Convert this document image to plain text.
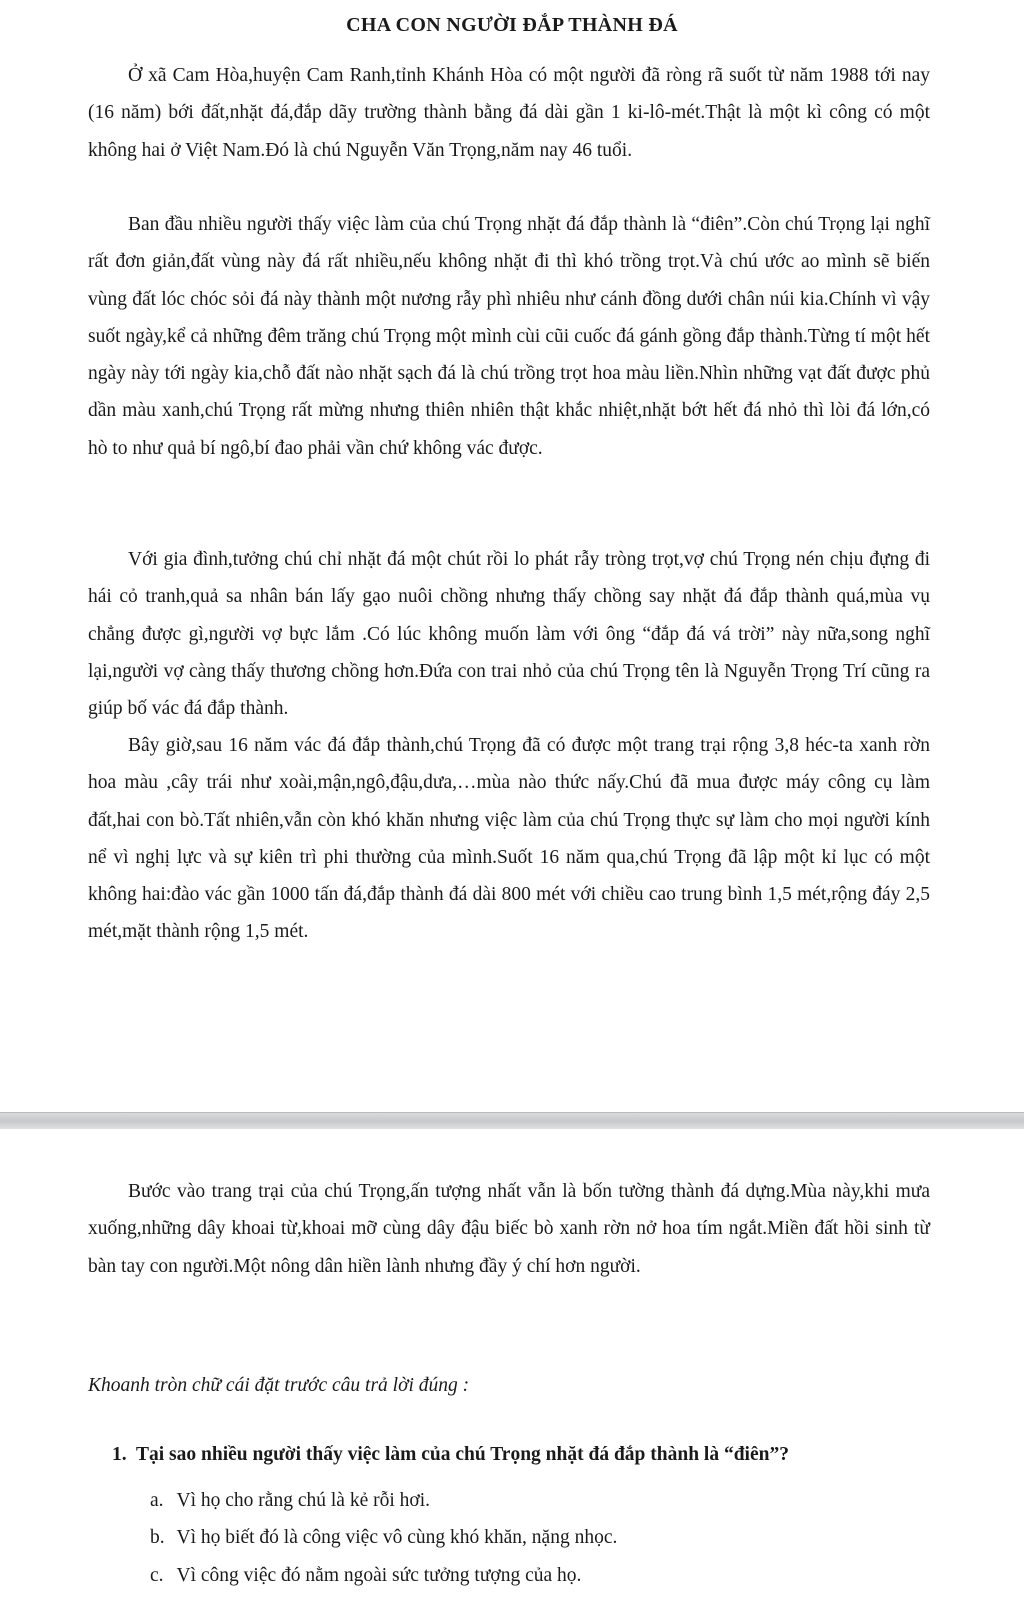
CHA CON NGƯỜI ĐẮP THÀNH ĐÁ

Ở xã Cam Hòa,huyện Cam Ranh,tỉnh Khánh Hòa có một người đã ròng rã suốt từ năm 1988 tới nay (16 năm) bới đất,nhặt đá,đắp dãy trường thành bằng đá dài gần 1 ki-lô-mét.Thật là một kì công có một không hai ở Việt Nam.Đó là chú Nguyễn Văn Trọng,năm nay 46 tuổi.

Ban đầu nhiều người thấy việc làm của chú Trọng nhặt đá đắp thành là “điên”.Còn chú Trọng lại nghĩ rất đơn giản,đất vùng này đá rất nhiều,nếu không nhặt đi thì khó trồng trọt.Và chú ước ao mình sẽ biến vùng đất lóc chóc sỏi đá này thành một nương rẫy phì nhiêu như cánh đồng dưới chân núi kia.Chính vì vậy suốt ngày,kể cả những đêm trăng chú Trọng một mình cùi cũi cuốc đá gánh gồng đắp thành.Từng tí một hết ngày này tới ngày kia,chỗ đất nào nhặt sạch đá là chú trồng trọt hoa màu liền.Nhìn những vạt đất được phủ dần màu xanh,chú Trọng rất mừng nhưng thiên nhiên thật khắc nhiệt,nhặt bớt hết đá nhỏ thì lòi đá lớn,có hò to như quả bí ngô,bí đao phải vần chứ không vác được.

Với gia đình,tưởng chú chỉ nhặt đá một chút rồi lo phát rẫy tròng trọt,vợ chú Trọng nén chịu đựng đi hái cỏ tranh,quả sa nhân bán lấy gạo nuôi chồng nhưng thấy chồng say nhặt đá đắp thành quá,mùa vụ chẳng được gì,người vợ bực lắm .Có lúc không muốn làm với ông “đắp đá vá trời” này nữa,song nghĩ lại,người vợ càng thấy thương chồng hơn.Đứa con trai nhỏ của chú Trọng tên là Nguyễn Trọng Trí cũng ra giúp bố vác đá đắp thành.

Bây giờ,sau 16 năm vác đá đắp thành,chú Trọng đã có được một trang trại rộng 3,8 héc-ta xanh rờn hoa màu ,cây trái như xoài,mận,ngô,đậu,dưa,…mùa nào thức nấy.Chú đã mua được máy công cụ làm đất,hai con bò.Tất nhiên,vẫn còn khó khăn nhưng việc làm của chú Trọng thực sự làm cho mọi người kính nể vì nghị lực và sự kiên trì phi thường của mình.Suốt 16 năm qua,chú Trọng đã lập một kỉ lục có một không hai:đào vác gần 1000 tấn đá,đắp thành đá dài 800 mét với chiều cao trung bình 1,5 mét,rộng đáy 2,5 mét,mặt thành rộng 1,5 mét.

Bước vào trang trại của chú Trọng,ấn tượng nhất vẫn là bốn tường thành đá dựng.Mùa này,khi mưa xuống,những dây khoai từ,khoai mỡ cùng dây đậu biếc bò xanh rờn nở hoa tím ngắt.Miền đất hồi sinh từ bàn tay con người.Một nông dân hiền lành nhưng đầy ý chí hơn người.

Khoanh tròn chữ cái đặt trước câu trả lời đúng :

1. Tại sao nhiều người thấy việc làm của chú Trọng nhặt đá đắp thành là “điên”?

a. Vì họ cho rằng chú là kẻ rỗi hơi.
b. Vì họ biết đó là công việc vô cùng khó khăn, nặng nhọc.
c. Vì công việc đó nằm ngoài sức tưởng tượng của họ.
